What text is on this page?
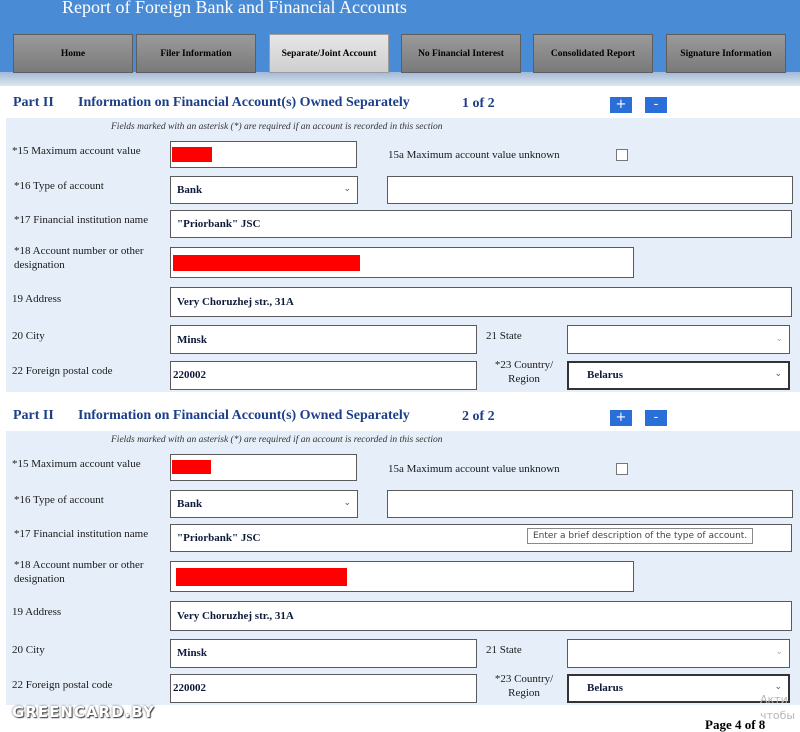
Report of Foreign Bank and Financial Accounts
Home	Filer Information	Separate/Joint Account	No Financial Interest	Consolidated Report	Signature Information
Part II Information on Financial Account(s) Owned Separately	1 of 2	+	-
Fields marked with an asterisk (*) are required if an account is recorded in this section
*15 Maximum account value	15a Maximum account value unknown
*16 Type of account	Bank	⌄
*17 Financial institution name	"Priorbank" JSC
*18 Account number or other designation
19 Address	Very Choruzhej str., 31A
20 City	Minsk	21 State	⌄
22 Foreign postal code	220002
*23 Country/ Region	Belarus	⌄
Part II Information on Financial Account(s) Owned Separately	2 of 2	+	-
Fields marked with an asterisk (*) are required if an account is recorded in this section
*15 Maximum account value	15a Maximum account value unknown
*16 Type of account	Bank	⌄
*17 Financial institution name	"Priorbank" JSC	Enter a brief description of the type of account.
*18 Account number or other designation
19 Address	Very Choruzhej str., 31A
20 City	Minsk	21 State	⌄
22 Foreign postal code	220002
*23 Country/ Region	Belarus	⌄
GREENCARD.BY
Page 4 of 8
Акти
чтобы
